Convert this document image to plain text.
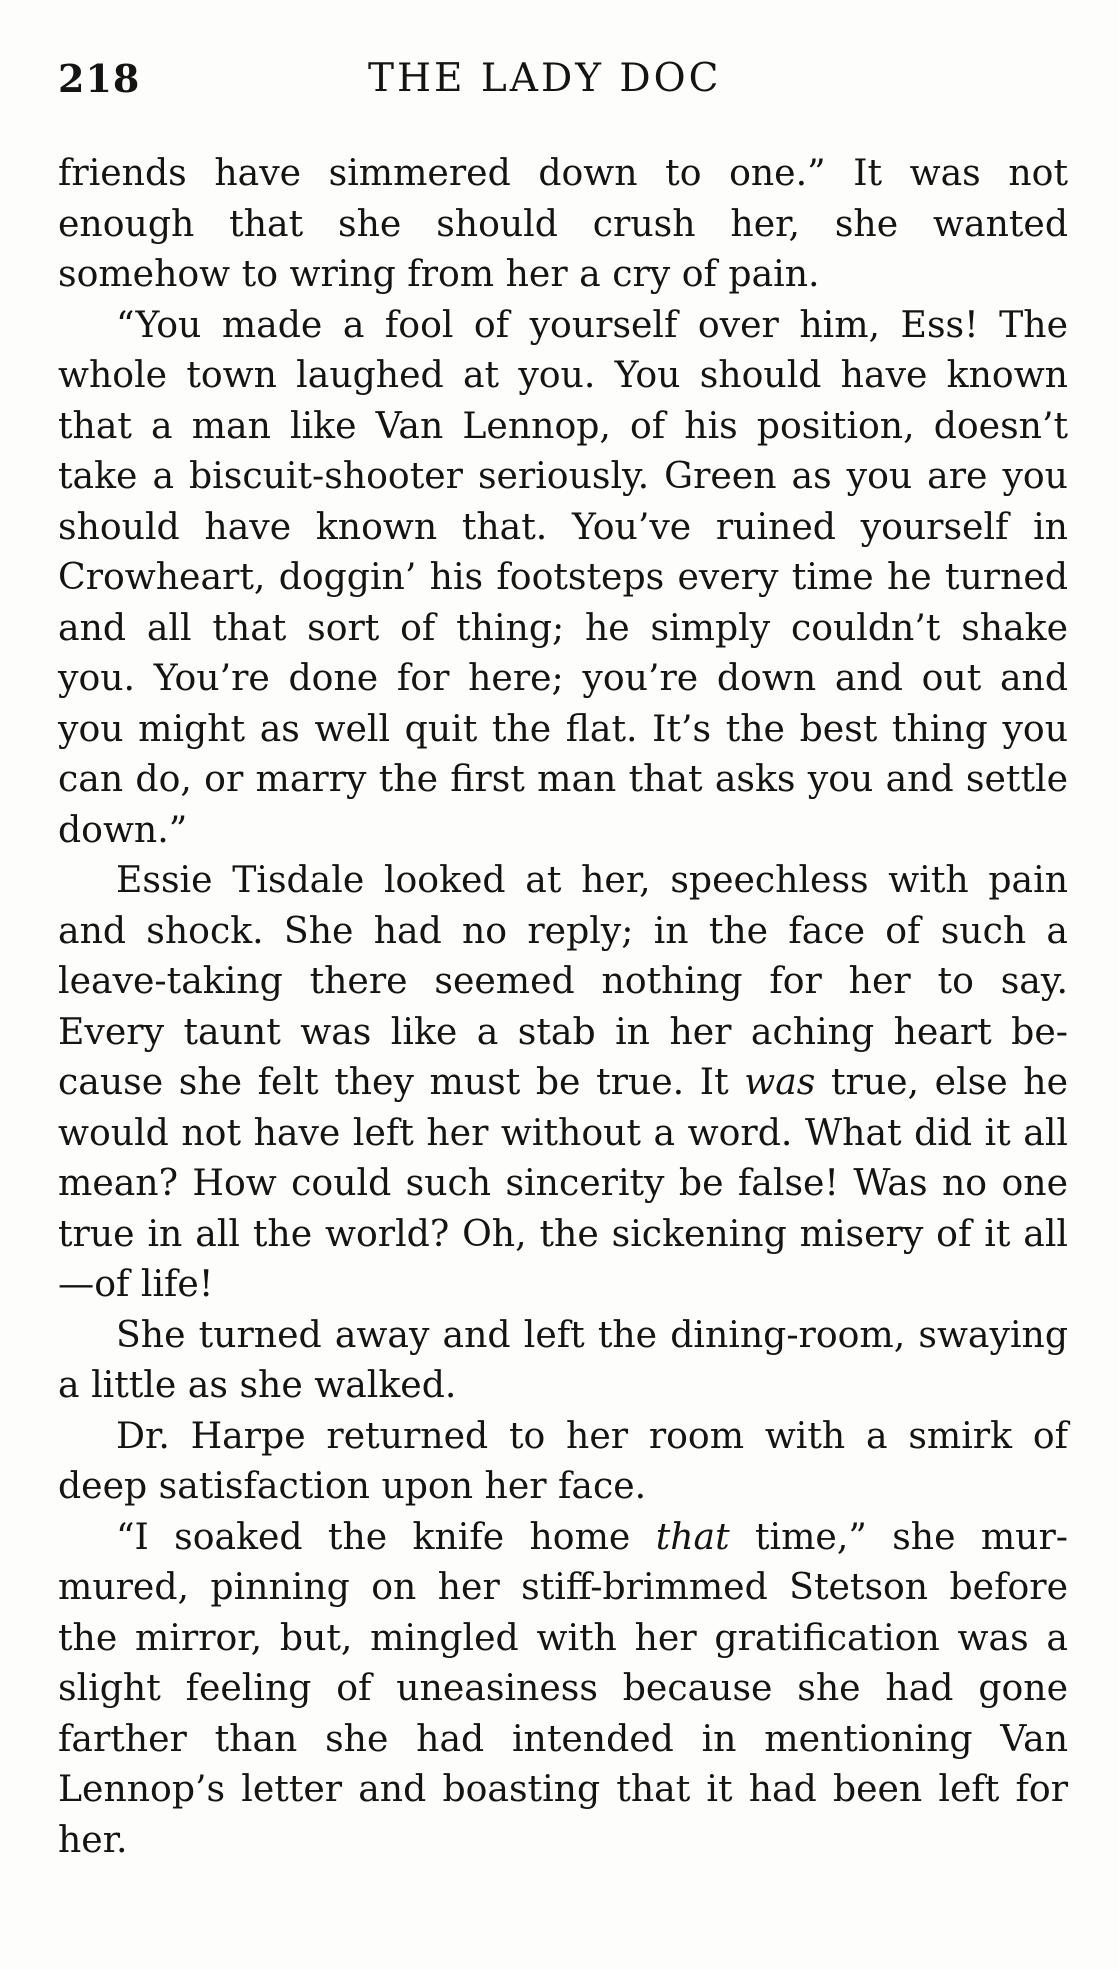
218	THE LADY DOC

friends have simmered down to one.” It was not enough that she should crush her, she wanted somehow to wring from her a cry of pain.

“You made a fool of yourself over him, Ess! The whole town laughed at you. You should have known that a man like Van Lennop, of his position, doesn’t take a biscuit-shooter seriously. Green as you are you should have known that. You’ve ruined yourself in Crowheart, doggin’ his footsteps every time he turned and all that sort of thing; he simply couldn’t shake you. You’re done for here; you’re down and out and you might as well quit the flat. It’s the best thing you can do, or marry the first man that asks you and settle down.”

Essie Tisdale looked at her, speechless with pain and shock. She had no reply; in the face of such a leave-taking there seemed nothing for her to say. Every taunt was like a stab in her aching heart because she felt they must be true. It was true, else he would not have left her without a word. What did it all mean? How could such sincerity be false! Was no one true in all the world? Oh, the sickening misery of it all—of life!

She turned away and left the dining-room, swaying a little as she walked.

Dr. Harpe returned to her room with a smirk of deep satisfaction upon her face.

“I soaked the knife home that time,” she murmured, pinning on her stiff-brimmed Stetson before the mirror, but, mingled with her gratification was a slight feeling of uneasiness because she had gone farther than she had intended in mentioning Van Lennop’s letter and boasting that it had been left for her.
